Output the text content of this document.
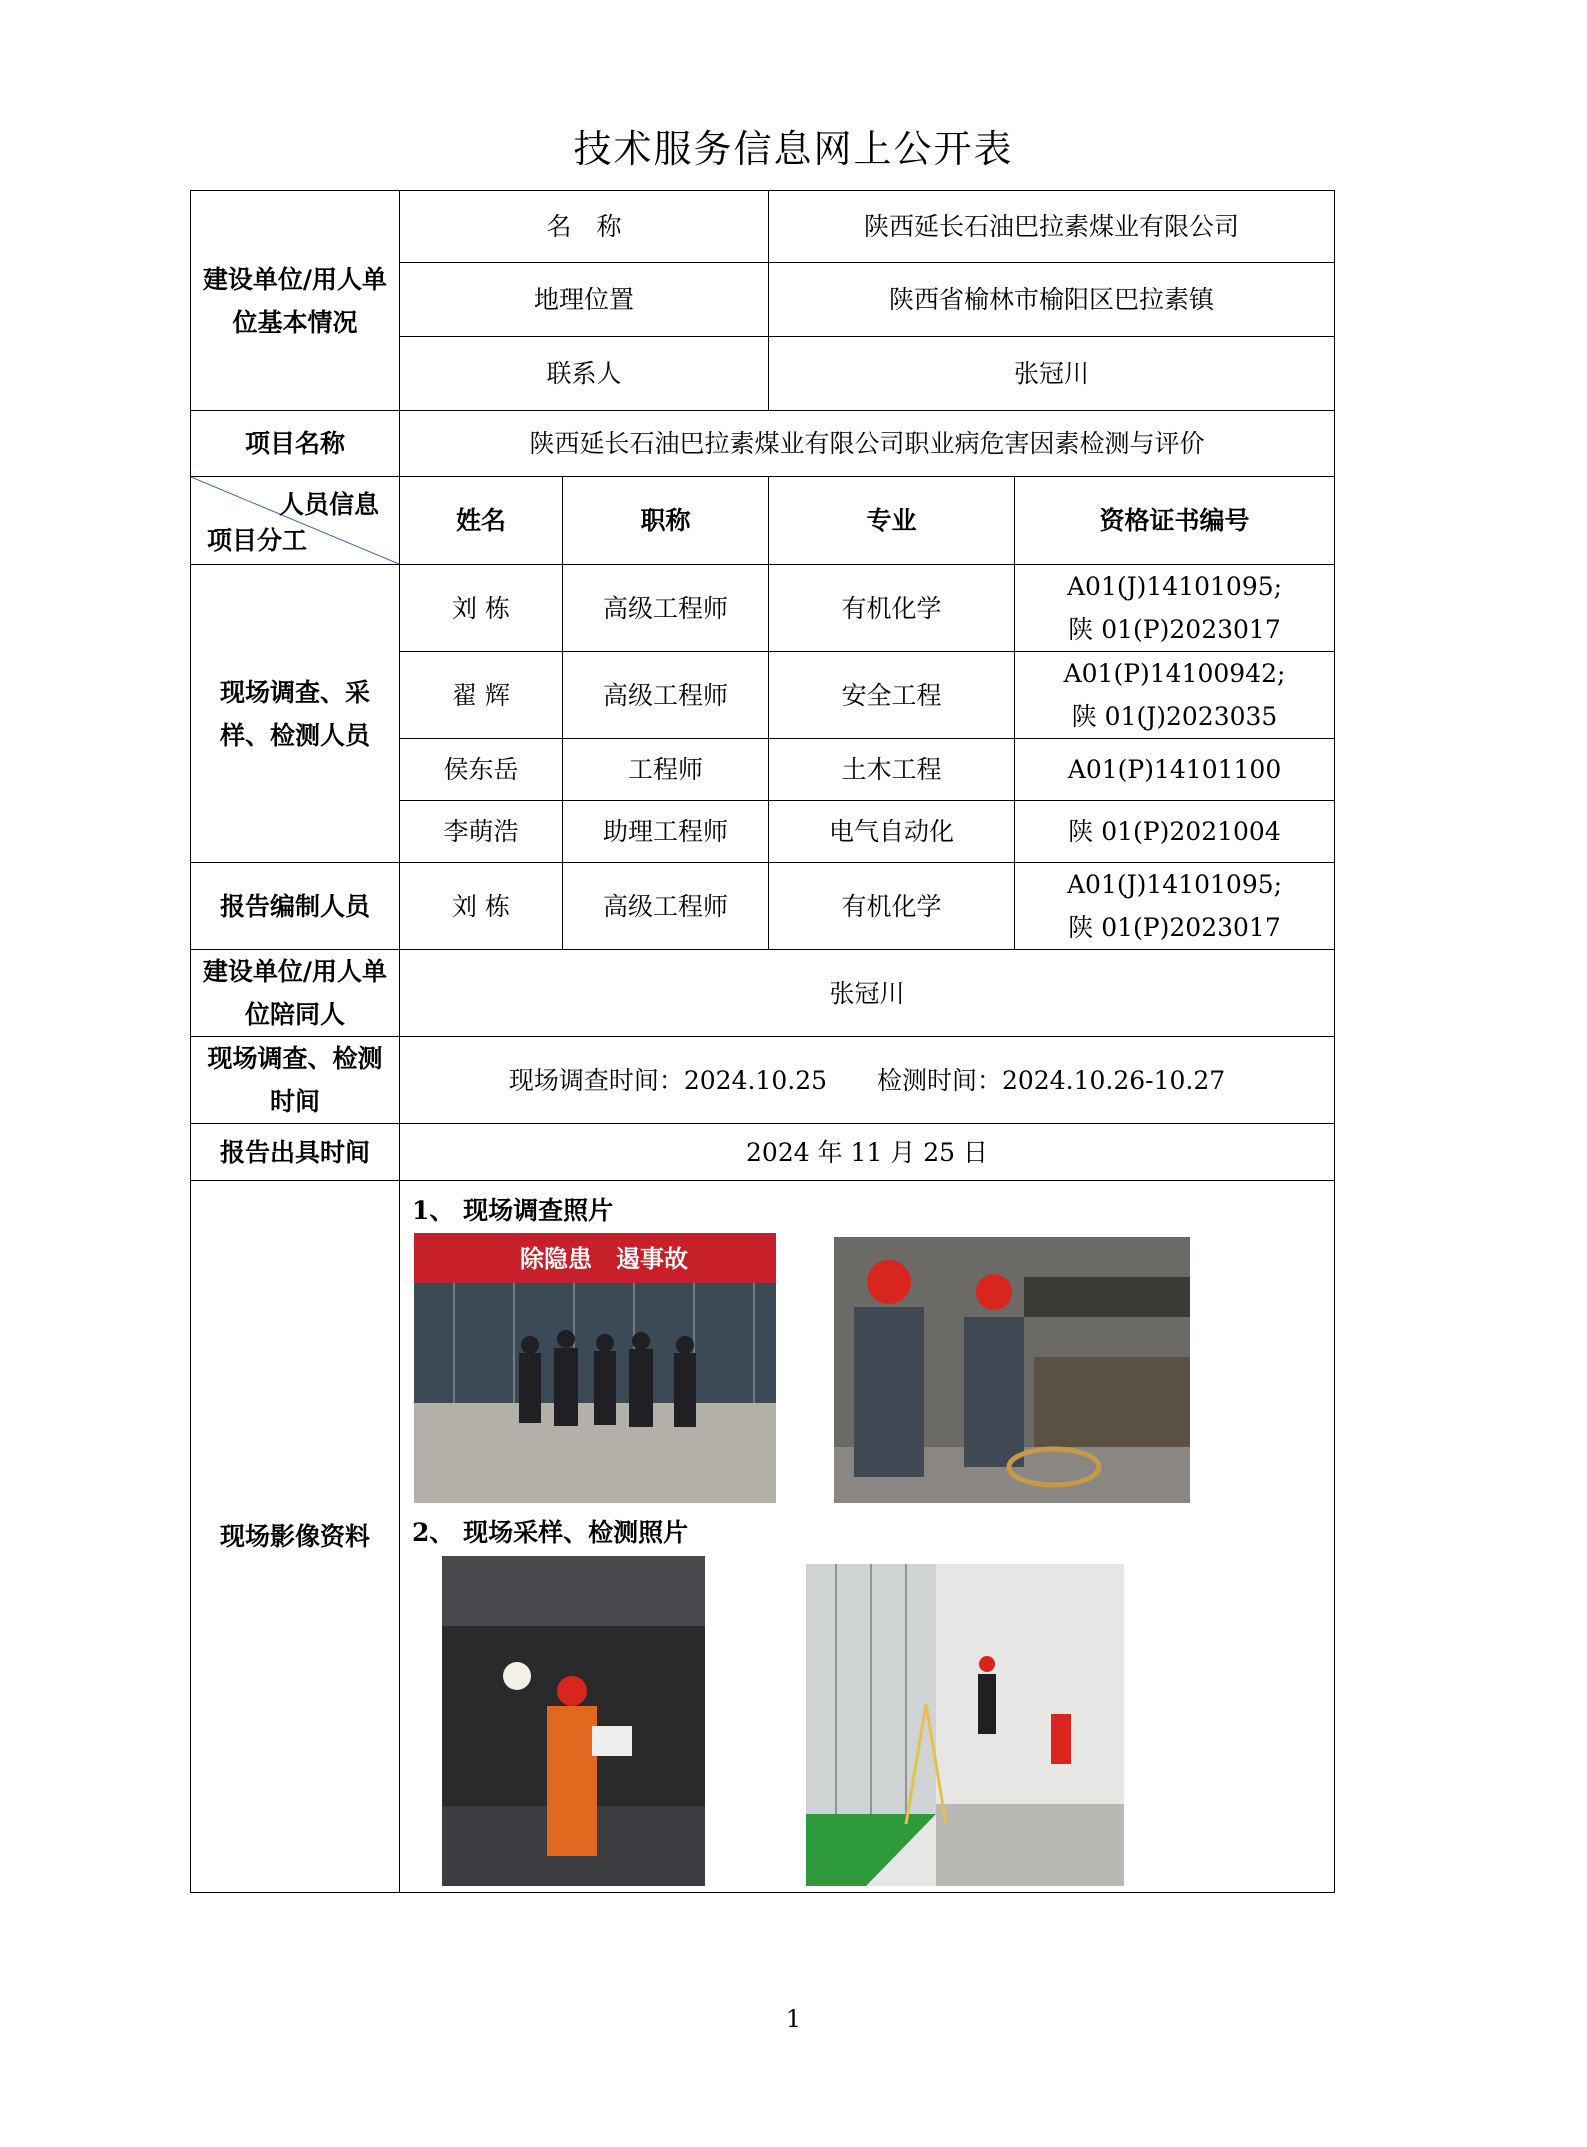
技术服务信息网上公开表
建设单位/用人单位基本情况	名　称		陕西延长石油巴拉素煤业有限公司	
	地理位置		陕西省榆林市榆阳区巴拉素镇	
	联系人		张冠川	
项目名称	陕西延长石油巴拉素煤业有限公司职业病危害因素检测与评价			

人员信息
项目分工	姓名	职称	专业	资格证书编号
现场调查、采样、检测人员	刘 栋	高级工程师	有机化学	A01(J)14101095;
陕 01(P)2023017
	翟 辉	高级工程师	安全工程	A01(P)14100942;
陕 01(J)2023035
	侯东岳	工程师	土木工程	A01(P)14101100
	李萌浩	助理工程师	电气自动化	陕 01(P)2021004
报告编制人员	刘 栋	高级工程师	有机化学	A01(J)14101095;
陕 01(P)2023017
建设单位/用人单位陪同人	张冠川			
现场调查、检测时间	现场调查时间：2024.10.25　　检测时间：2024.10.26-10.27			
报告出具时间	2024 年 11 月 25 日			
现场影像资料	1、 现场调查照片
除隐患　遏事故
2、 现场采样、检测照片			
1
